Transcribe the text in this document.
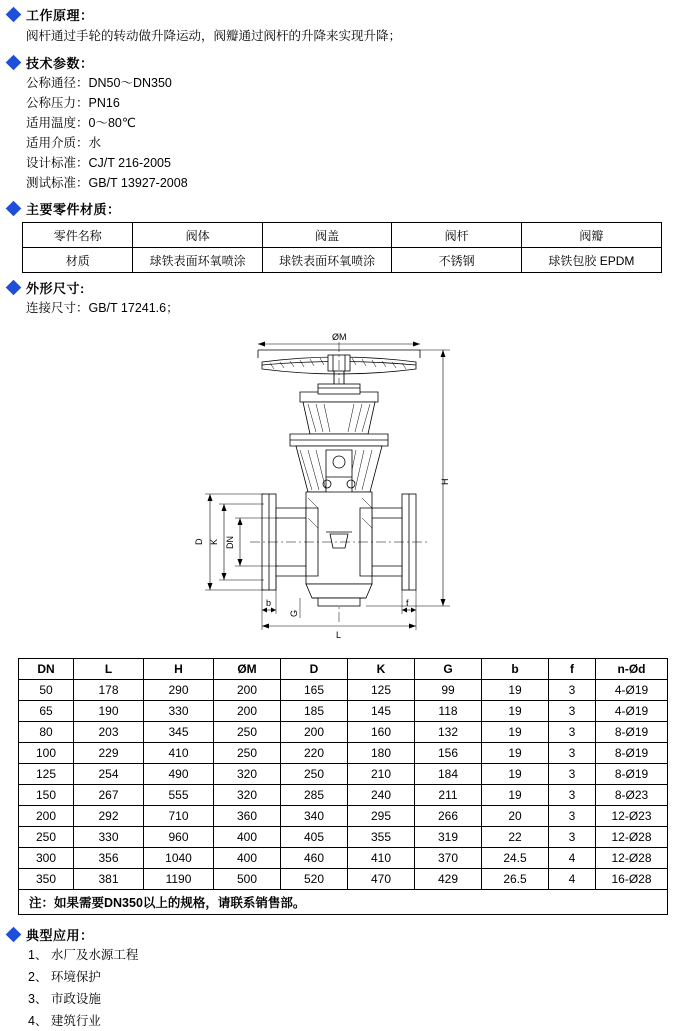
工作原理：
阀杆通过手轮的转动做升降运动，阀瓣通过阀杆的升降来实现升降；
技术参数：
公称通径：DN50～DN350
公称压力：PN16
适用温度：0～80℃
适用介质：水
设计标准：CJ/T 216-2005
测试标准：GB/T 13927-2008
主要零件材质：
零件名称	阀体	阀盖	阀杆	阀瓣
材质	球铁表面环氧喷涂	球铁表面环氧喷涂	不锈钢	球铁包胶 EPDM
外形尺寸:
连接尺寸：GB/T 17241.6；
ØM
H
D K DN
b	f
L
G
DN	L	H	ØM	D	K	G	b	f	n-Ød
50	178	290	200	165	125	99	19	3	4-Ø19
65	190	330	200	185	145	118	19	3	4-Ø19
80	203	345	250	200	160	132	19	3	8-Ø19
100	229	410	250	220	180	156	19	3	8-Ø19
125	254	490	320	250	210	184	19	3	8-Ø19
150	267	555	320	285	240	211	19	3	8-Ø23
200	292	710	360	340	295	266	20	3	12-Ø23
250	330	960	400	405	355	319	22	3	12-Ø28
300	356	1040	400	460	410	370	24.5	4	12-Ø28
350	381	1190	500	520	470	429	26.5	4	16-Ø28
注：如果需要DN350以上的规格，请联系销售部。									
典型应用：
1、 水厂及水源工程
2、 环境保护
3、 市政设施
4、 建筑行业
